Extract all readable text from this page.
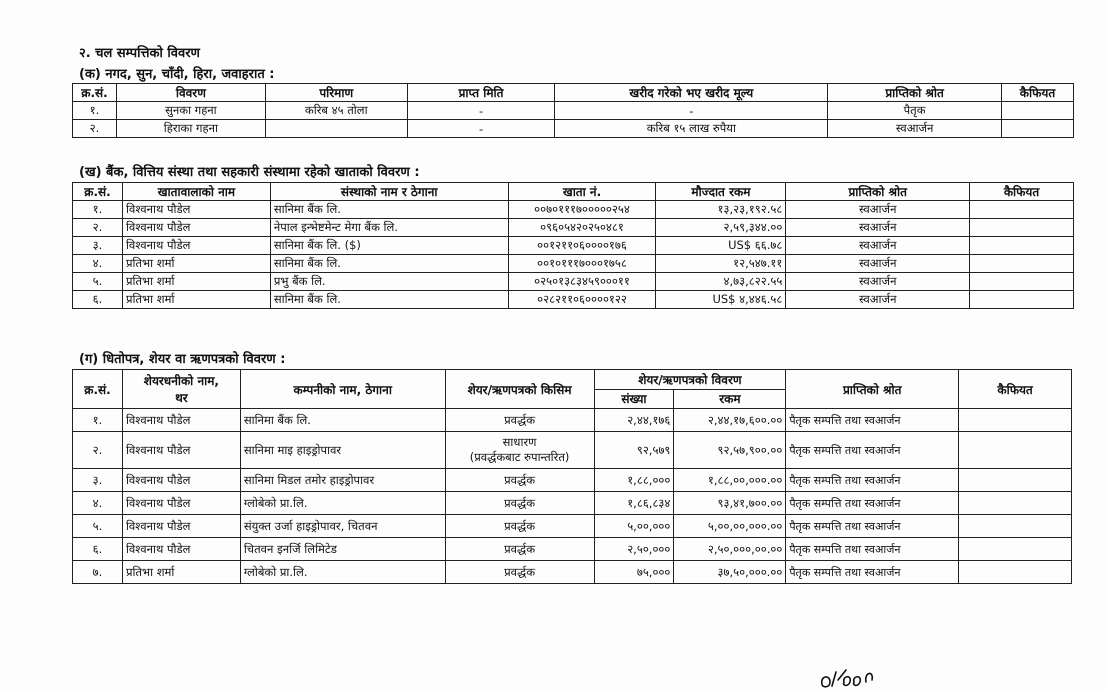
२. चल सम्पत्तिको विवरण
(क) नगद, सुन, चाँदी, हिरा, जवाहरात :
क्र.सं.	विवरण	परिमाण	प्राप्त मिति	खरीद गरेको भए खरीद मूल्य	प्राप्तिको श्रोत	कैफियत
१.	सुनका गहना	करिब ४५ तोला	-	-	पैतृक	
२.	हिराका गहना		-	करिब १५ लाख रुपैया	स्वआर्जन	
(ख) बैंक, वित्तिय संस्था तथा सहकारी संस्थामा रहेको खाताको विवरण :
क्र.सं.	खातावालाको नाम	संस्थाको नाम र ठेगाना	खाता नं.	मौज्दात रकम	प्राप्तिको श्रोत	कैफियत
१.	विश्वनाथ पौडेल	सानिमा बैंक लि.	००७०१११७०००००२५४	१३,२३,१९२.५८	स्वआर्जन	
२.	विश्वनाथ पौडेल	नेपाल इन्भेष्टमेन्ट मेगा बैंक लि.	०९६०५४२०२५०४८१	२,५९,३४४.००	स्वआर्जन	
३.	विश्वनाथ पौडेल	सानिमा बैंक लि. ($)	००१२११०६००००१७६	US$ ६६.७८	स्वआर्जन	
४.	प्रतिभा शर्मा	सानिमा बैंक लि.	००१०१११७०००१७५८	१२,५४७.११	स्वआर्जन	
५.	प्रतिभा शर्मा	प्रभु बैंक लि.	०२५०१३८३४५९०००११	४,७३,८२२.५५	स्वआर्जन	
६.	प्रतिभा शर्मा	सानिमा बैंक लि.	०२८२११०६००००१२२	US$ ४,४४६.५८	स्वआर्जन	
(ग) धितोपत्र, शेयर वा ऋणपत्रको विवरण :
क्र.सं.	शेयरधनीको नाम,
थर	कम्पनीको नाम, ठेगाना	शेयर/ऋणपत्रको किसिम	शेयर/ऋणपत्रको विवरण		प्राप्तिको श्रोत	कैफियत
				संख्या	रकम		
१.	विश्वनाथ पौडेल	सानिमा बैंक लि.	प्रवर्द्धक	२,४४,१७६	२,४४,१७,६००.००	पैतृक सम्पत्ति तथा स्वआर्जन	
२.	विश्वनाथ पौडेल	सानिमा माइ हाइड्रोपावर	साधारण
(प्रवर्द्धकबाट रुपान्तरित)	९२,५७९	९२,५७,९००.००	पैतृक सम्पत्ति तथा स्वआर्जन	
३.	विश्वनाथ पौडेल	सानिमा मिडल तमोर हाइड्रोपावर	प्रवर्द्धक	१,८८,०००	१,८८,००,०००.००	पैतृक सम्पत्ति तथा स्वआर्जन	
४.	विश्वनाथ पौडेल	ग्लोबेको प्रा.लि.	प्रवर्द्धक	१,८६,८३४	९३,४१,७००.००	पैतृक सम्पत्ति तथा स्वआर्जन	
५.	विश्वनाथ पौडेल	संयुक्त उर्जा हाइड्रोपावर, चितवन	प्रवर्द्धक	५,००,०००	५,००,००,०००.००	पैतृक सम्पत्ति तथा स्वआर्जन	
६.	विश्वनाथ पौडेल	चितवन इनर्जि लिमिटेड	प्रवर्द्धक	२,५०,०००	२,५०,०००,००.००	पैतृक सम्पत्ति तथा स्वआर्जन	
७.	प्रतिभा शर्मा	ग्लोबेको प्रा.लि.	प्रवर्द्धक	७५,०००	३७,५०,०००.००	पैतृक सम्पत्ति तथा स्वआर्जन	
